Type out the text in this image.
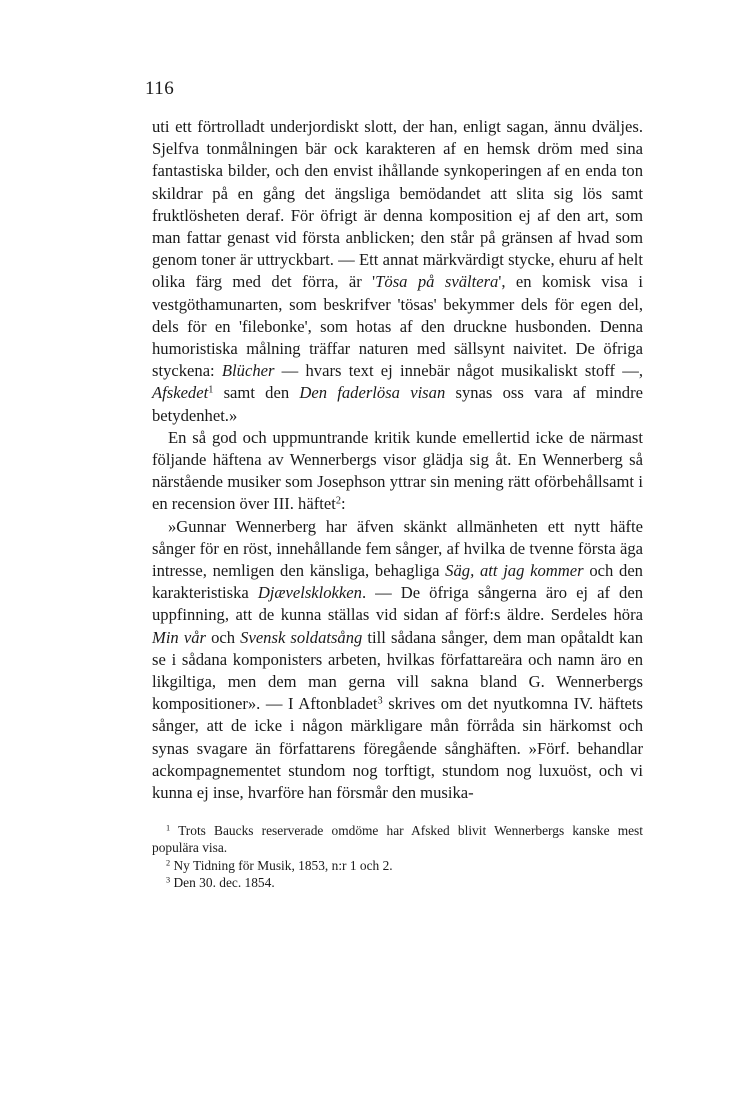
116

uti ett förtrolladt underjordiskt slott, der han, enligt sagan, ännu dväljes. Sjelfva tonmålningen bär ock karakteren af en hemsk dröm med sina fantastiska bilder, och den envist ihållande synkoperingen af en enda ton skildrar på en gång det ängsliga bemödandet att slita sig lös samt fruktlösheten deraf. För öfrigt är denna komposition ej af den art, som man fattar genast vid första anblicken; den står på gränsen af hvad som genom toner är uttryckbart. — Ett annat märkvärdigt stycke, ehuru af helt olika färg med det förra, är 'Tösa på svältera', en komisk visa i vestgöthamunarten, som beskrifver 'tösas' bekymmer dels för egen del, dels för en 'filebonke', som hotas af den druckne husbonden. Denna humoristiska målning träffar naturen med sällsynt naivitet. De öfriga styckena: Blücher — hvars text ej innebär något musikaliskt stoff —, Afskedet$^1$ samt den Den faderlösa visan synas oss vara af mindre betydenhet.»

En så god och uppmuntrande kritik kunde emellertid icke de närmast följande häftena av Wennerbergs visor glädja sig åt. En Wennerberg så närstående musiker som Josephson yttrar sin mening rätt oförbehållsamt i en recension över III. häftet$^2$:

»Gunnar Wennerberg har äfven skänkt allmänheten ett nytt häfte sånger för en röst, innehållande fem sånger, af hvilka de tvenne första äga intresse, nemligen den känsliga, behagliga Säg, att jag kommer och den karakteristiska Djævelsklokken. — De öfriga sångerna äro ej af den uppfinning, att de kunna ställas vid sidan af förf:s äldre. Serdeles höra Min vår och Svensk soldatsång till sådana sånger, dem man opåtaldt kan se i sådana komponisters arbeten, hvilkas författareära och namn äro en likgiltiga, men dem man gerna vill sakna bland G. Wennerbergs kompositioner». — I Aftonbladet$^3$ skrives om det nyutkomna IV. häftets sånger, att de icke i någon märkligare mån förråda sin härkomst och synas svagare än författarens föregående sånghäften. »Förf. behandlar ackompagnementet stundom nog torftigt, stundom nog luxuöst, och vi kunna ej inse, hvarföre han försmår den musika-

$^1$ Trots Baucks reserverade omdöme har Afsked blivit Wennerbergs kanske mest populära visa.

$^2$ Ny Tidning för Musik, 1853, n:r 1 och 2.

$^3$ Den 30. dec. 1854.
